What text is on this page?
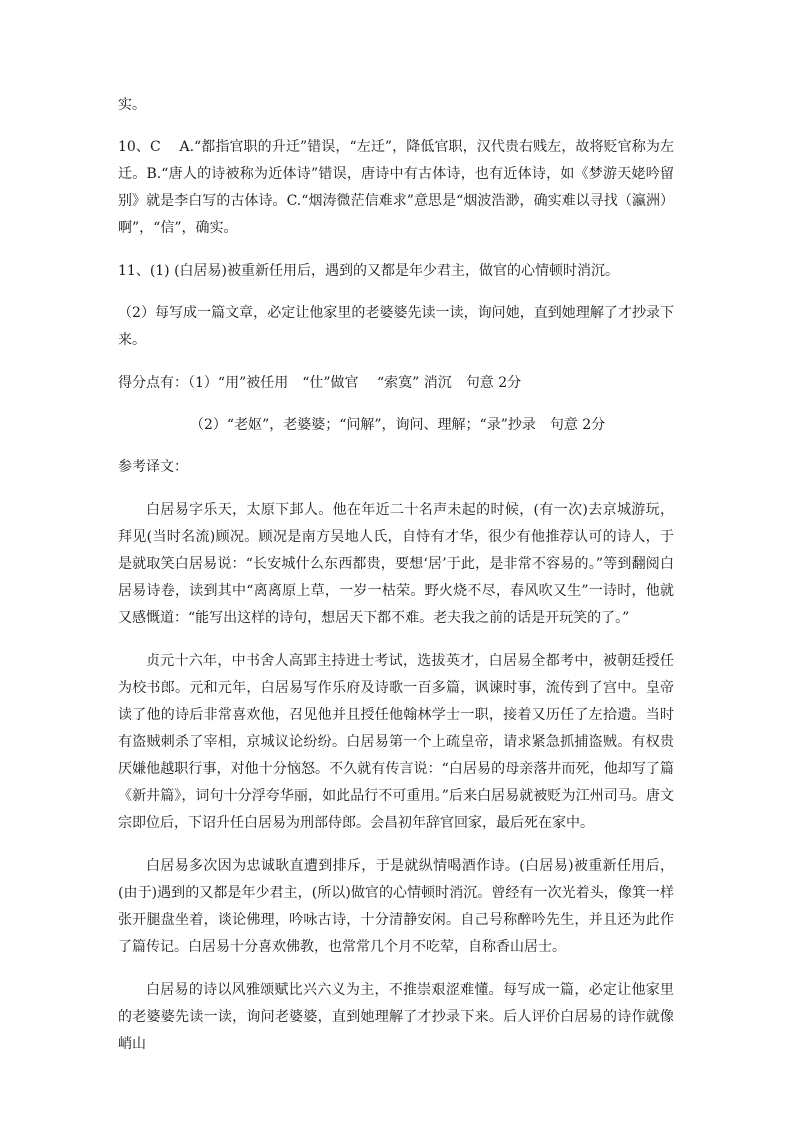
实。

10、C　 A.“都指官职的升迁”错误，“左迁”，降低官职，汉代贵右贱左，故将贬官称为左迁。B.“唐人的诗被称为近体诗”错误，唐诗中有古体诗，也有近体诗，如《梦游天姥吟留别》就是李白写的古体诗。C.“烟涛微茫信难求”意思是“烟波浩渺，确实难以寻找（瀛洲）啊”，“信”，确实。

11、(1) (白居易)被重新任用后，遇到的又都是年少君主，做官的心情顿时消沉。

（2）每写成一篇文章，必定让他家里的老婆婆先读一读，询问她，直到她理解了才抄录下来。

得分点有：（1）“用”被任用　“仕”做官　 “索寞” 消沉　句意 2分

（2）“老妪”，老婆婆；“问解”，询问、理解；“录”抄录　句意 2分

参考译文：

白居易字乐天，太原下邽人。他在年近二十名声未起的时候，(有一次)去京城游玩，拜见(当时名流)顾况。顾况是南方吴地人氏，自恃有才华，很少有他推荐认可的诗人，于是就取笑白居易说：“长安城什么东西都贵，要想‘居’于此，是非常不容易的。”等到翻阅白居易诗卷，读到其中“离离原上草，一岁一枯荣。野火烧不尽，春风吹又生”一诗时，他就又感慨道：“能写出这样的诗句，想居天下都不难。老夫我之前的话是开玩笑的了。”

贞元十六年，中书舍人高郢主持进士考试，选拔英才，白居易全都考中，被朝廷授任为校书郎。元和元年，白居易写作乐府及诗歌一百多篇，讽谏时事，流传到了宫中。皇帝读了他的诗后非常喜欢他，召见他并且授任他翰林学士一职，接着又历任了左拾遗。当时有盗贼刺杀了宰相，京城议论纷纷。白居易第一个上疏皇帝，请求紧急抓捕盗贼。有权贵厌嫌他越职行事，对他十分恼怒。不久就有传言说：“白居易的母亲落井而死，他却写了篇《新井篇》，词句十分浮夸华丽，如此品行不可重用。”后来白居易就被贬为江州司马。唐文宗即位后，下诏升任白居易为刑部侍郎。会昌初年辞官回家，最后死在家中。

白居易多次因为忠诚耿直遭到排斥，于是就纵情喝酒作诗。(白居易)被重新任用后，(由于)遇到的又都是年少君主，(所以)做官的心情顿时消沉。曾经有一次光着头，像箕一样张开腿盘坐着，谈论佛理，吟咏古诗，十分清静安闲。自己号称醉吟先生，并且还为此作了篇传记。白居易十分喜欢佛教，也常常几个月不吃荤，自称香山居士。

白居易的诗以风雅颂赋比兴六义为主，不推崇艰涩难懂。每写成一篇，必定让他家里的老婆婆先读一读，询问老婆婆，直到她理解了才抄录下来。后人评价白居易的诗作就像峭山
